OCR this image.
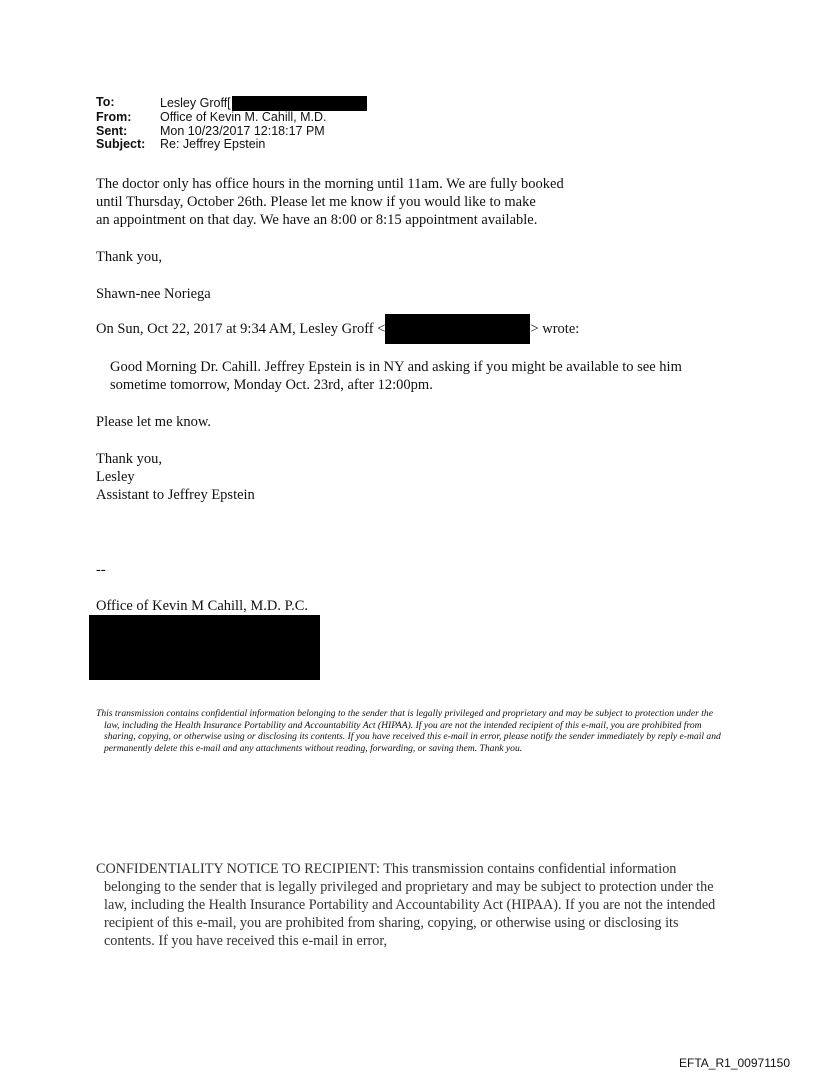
To:	Lesley Groff[
From:	Office of Kevin M. Cahill, M.D.
Sent:	Mon 10/23/2017 12:18:17 PM
Subject:	Re: Jeffrey Epstein
The doctor only has office hours in the morning until 11am. We are fully booked
until Thursday, October 26th. Please let me know if you would like to make
an appointment on that day. We have an 8:00 or 8:15 appointment available.
Thank you,
Shawn-nee Noriega
On Sun, Oct 22, 2017 at 9:34 AM, Lesley Groff <	> wrote:
Good Morning Dr. Cahill. Jeffrey Epstein is in NY and asking if you might be available to see him sometime tomorrow, Monday Oct. 23rd, after 12:00pm.
Please let me know.
Thank you,
Lesley
Assistant to Jeffrey Epstein
--
Office of Kevin M Cahill, M.D. P.C.
This transmission contains confidential information belonging to the sender that is legally privileged and proprietary and may be subject to protection under the law, including the Health Insurance Portability and Accountability Act (HIPAA). If you are not the intended recipient of this e-mail, you are prohibited from sharing, copying, or otherwise using or disclosing its contents. If you have received this e-mail in error, please notify the sender immediately by reply e-mail and permanently delete this e-mail and any attachments without reading, forwarding, or saving them. Thank you.
CONFIDENTIALITY NOTICE TO RECIPIENT: This transmission contains confidential information belonging to the sender that is legally privileged and proprietary and may be subject to protection under the law, including the Health Insurance Portability and Accountability Act (HIPAA). If you are not the intended recipient of this e-mail, you are prohibited from sharing, copying, or otherwise using or disclosing its contents. If you have received this e-mail in error,
EFTA_R1_00971150
